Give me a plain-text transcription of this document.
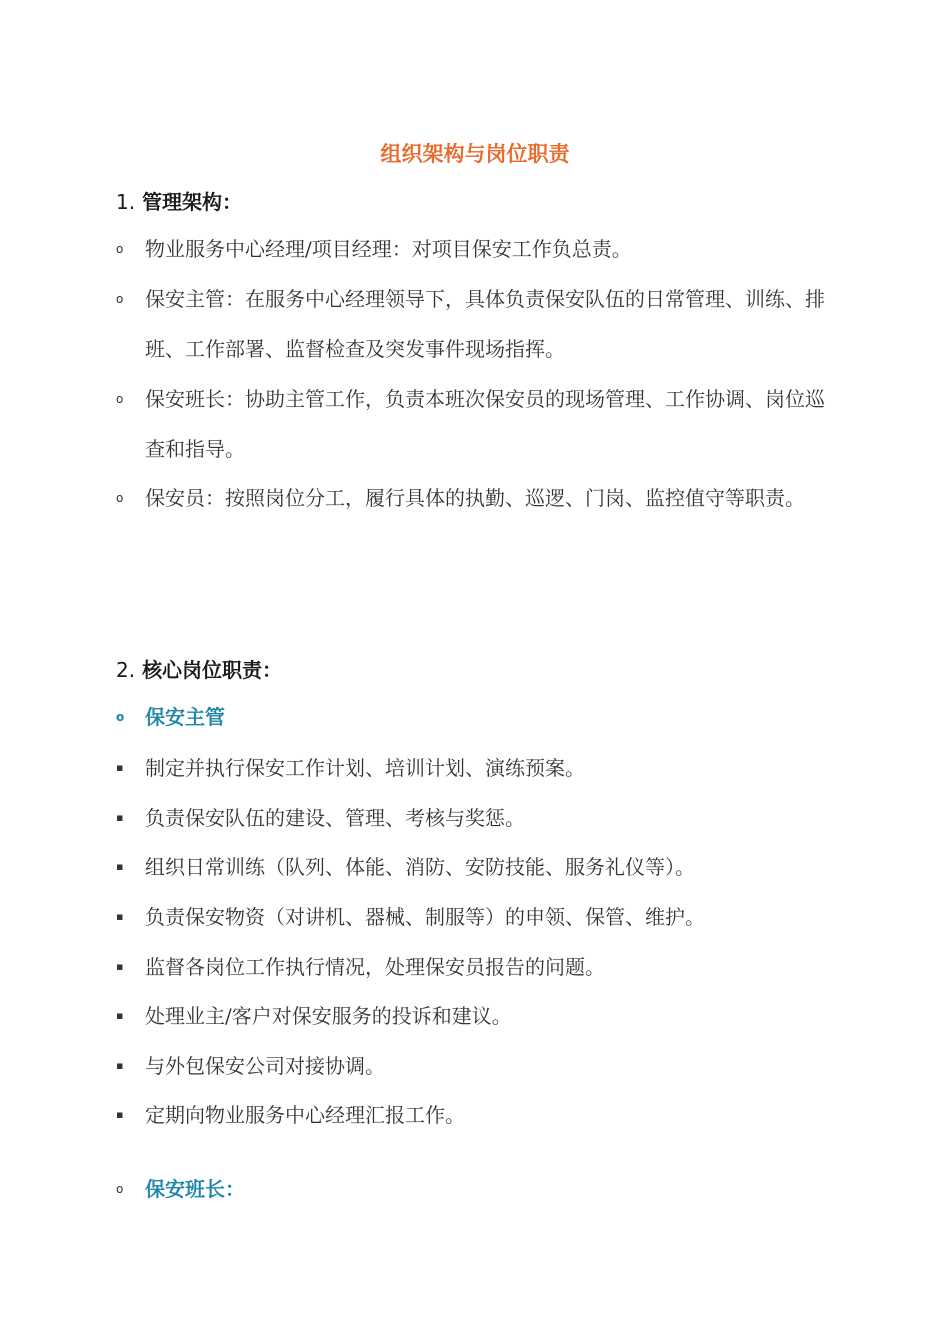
组织架构与岗位职责
1. 管理架构：
o	物业服务中心经理/项目经理：对项目保安工作负总责。
o	保安主管：在服务中心经理领导下，具体负责保安队伍的日常管理、训练、排班、工作部署、监督检查及突发事件现场指挥。
o	保安班长：协助主管工作，负责本班次保安员的现场管理、工作协调、岗位巡查和指导。
o	保安员：按照岗位分工，履行具体的执勤、巡逻、门岗、监控值守等职责。
2. 核心岗位职责：
o 保安主管
▪	制定并执行保安工作计划、培训计划、演练预案。
▪	负责保安队伍的建设、管理、考核与奖惩。
▪	组织日常训练（队列、体能、消防、安防技能、服务礼仪等）。
▪	负责保安物资（对讲机、器械、制服等）的申领、保管、维护。
▪	监督各岗位工作执行情况，处理保安员报告的问题。
▪	处理业主/客户对保安服务的投诉和建议。
▪	与外包保安公司对接协调。
▪	定期向物业服务中心经理汇报工作。
o 保安班长：
